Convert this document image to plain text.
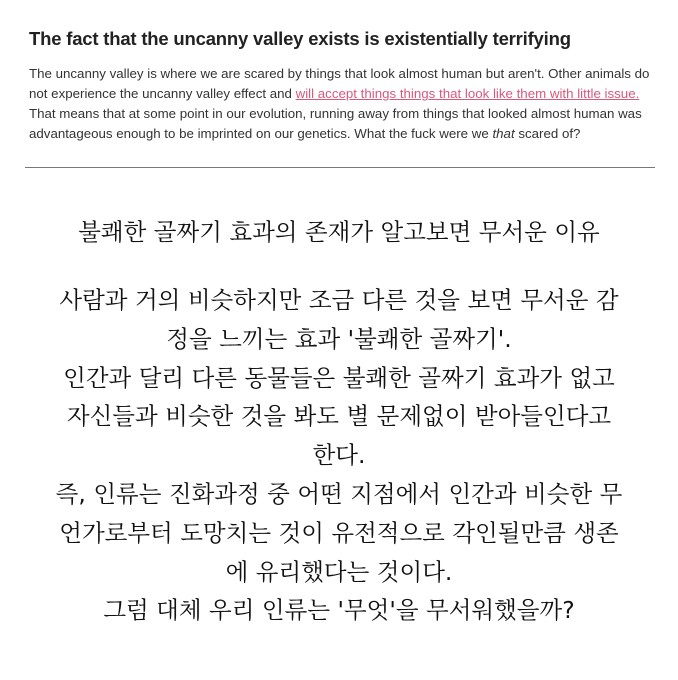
The fact that the uncanny valley exists is existentially terrifying

The uncanny valley is where we are scared by things that look almost human but aren't. Other animals do not experience the uncanny valley effect and will accept things things that look like them with little issue. That means that at some point in our evolution, running away from things that looked almost human was advantageous enough to be imprinted on our genetics. What the fuck were we that scared of?

불쾌한 골짜기 효과의 존재가 알고보면 무서운 이유
사람과 거의 비슷하지만 조금 다른 것을 보면 무서운 감
정을 느끼는 효과 '불쾌한 골짜기'.
인간과 달리 다른 동물들은 불쾌한 골짜기 효과가 없고
자신들과 비슷한 것을 봐도 별 문제없이 받아들인다고
한다.
즉, 인류는 진화과정 중 어떤 지점에서 인간과 비슷한 무
언가로부터 도망치는 것이 유전적으로 각인될만큼 생존
에 유리했다는 것이다.
그럼 대체 우리 인류는 '무엇'을 무서워했을까?
